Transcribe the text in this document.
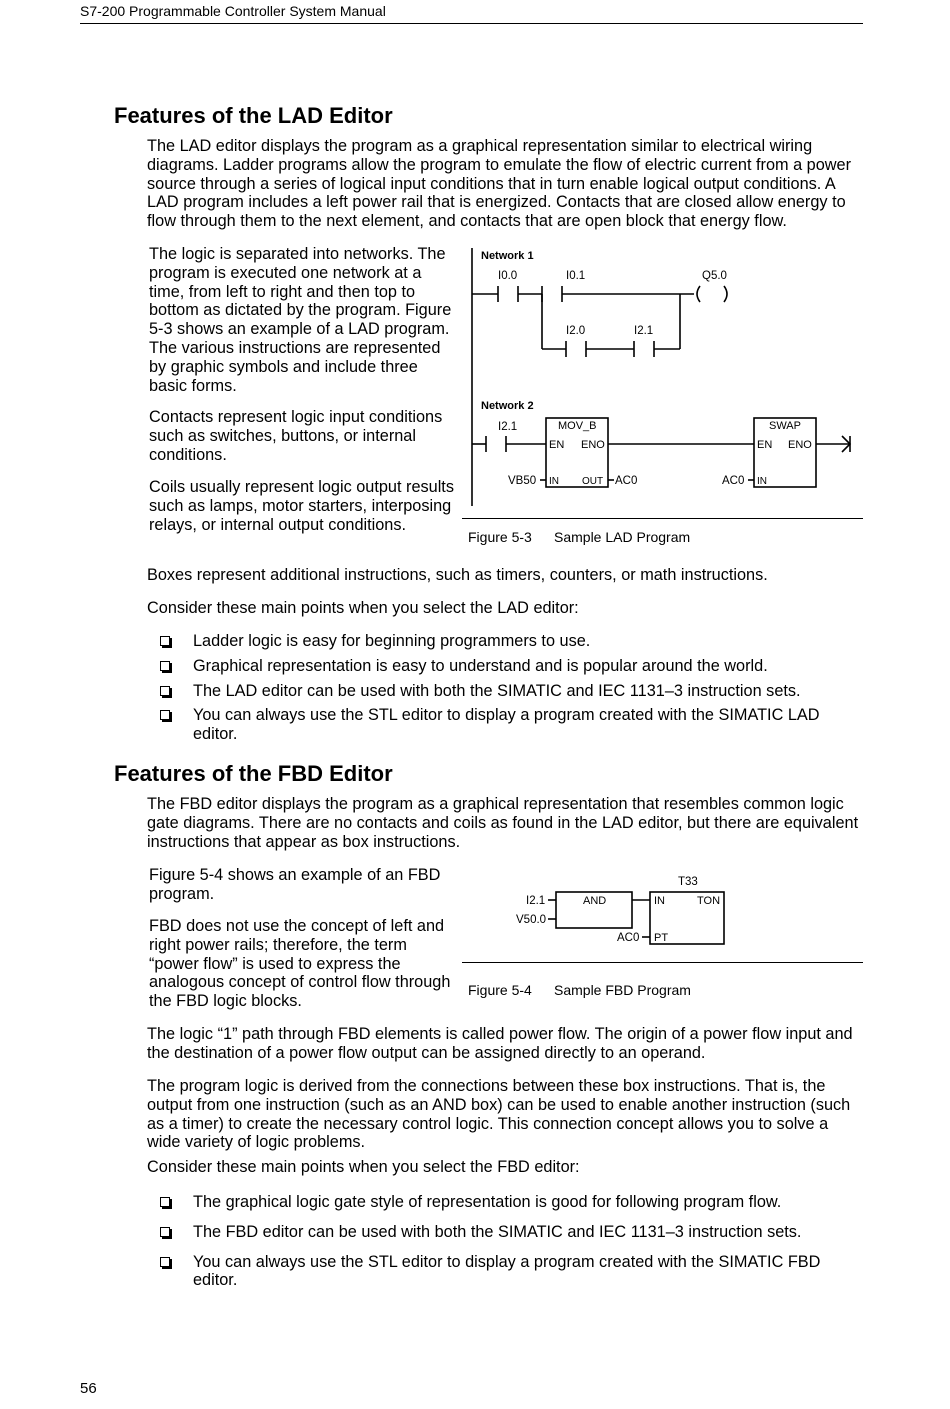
S7-200 Programmable Controller System Manual
Features of the LAD Editor

The LAD editor displays the program as a graphical representation similar to electrical wiring diagrams. Ladder programs allow the program to emulate the flow of electric current from a power source through a series of logical input conditions that in turn enable logical output conditions. A LAD program includes a left power rail that is energized. Contacts that are closed allow energy to flow through them to the next element, and contacts that are open block that energy flow.

The logic is separated into networks. The program is executed one network at a time, from left to right and then top to bottom as dictated by the program. Figure 5-3 shows an example of a LAD program. The various instructions are represented by graphic symbols and include three basic forms.

Contacts represent logic input conditions such as switches, buttons, or internal conditions.

Coils usually represent logic output results such as lamps, motor starters, interposing relays, or internal output conditions.

Network 1
I0.0	I0.1
I2.0	I2.1
Q5.0
Network 2
I2.1	MOV_B
EN ENO
IN OUT
VB50	AC0
SWAP
EN ENO
IN
AC0
Figure 5-3 Sample LAD Program

Boxes represent additional instructions, such as timers, counters, or math instructions.

Consider these main points when you select the LAD editor:

Ladder logic is easy for beginning programmers to use.
Graphical representation is easy to understand and is popular around the world.
The LAD editor can be used with both the SIMATIC and IEC 1131–3 instruction sets.
You can always use the STL editor to display a program created with the SIMATIC LAD editor.
Features of the FBD Editor

The FBD editor displays the program as a graphical representation that resembles common logic gate diagrams. There are no contacts and coils as found in the LAD editor, but there are equivalent instructions that appear as box instructions.

Figure 5-4 shows an example of an FBD program.

FBD does not use the concept of left and right power rails; therefore, the term “power flow” is used to express the analogous concept of control flow through the FBD logic blocks.

AND
I2.1
V50.0
T33
IN	TON
PT
AC0
Figure 5-4 Sample FBD Program

The logic “1” path through FBD elements is called power flow. The origin of a power flow input and the destination of a power flow output can be assigned directly to an operand.

The program logic is derived from the connections between these box instructions. That is, the output from one instruction (such as an AND box) can be used to enable another instruction (such as a timer) to create the necessary control logic. This connection concept allows you to solve a wide variety of logic problems.

Consider these main points when you select the FBD editor:

The graphical logic gate style of representation is good for following program flow.
The FBD editor can be used with both the SIMATIC and IEC 1131–3 instruction sets.
You can always use the STL editor to display a program created with the SIMATIC FBD editor.
56
